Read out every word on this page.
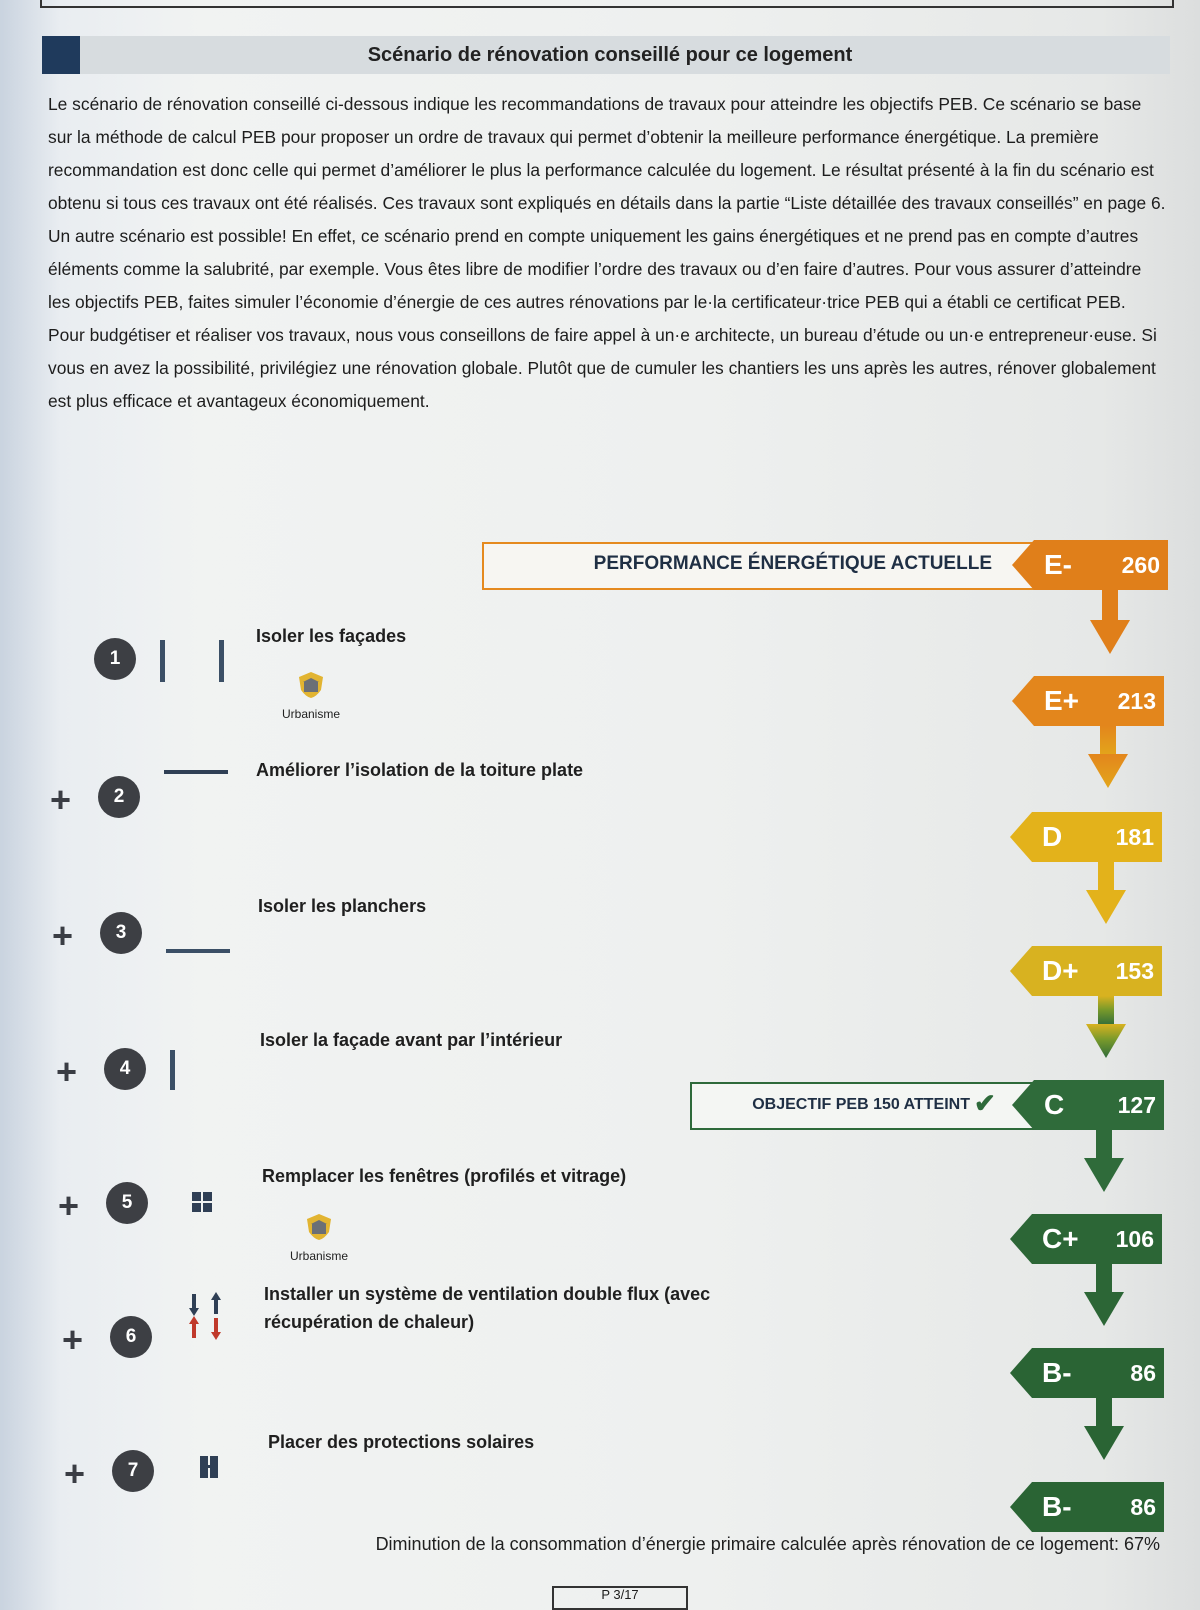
Scénario de rénovation conseillé pour ce logement

Le scénario de rénovation conseillé ci-dessous indique les recommandations de travaux pour atteindre les objectifs PEB. Ce scénario se base sur la méthode de calcul PEB pour proposer un ordre de travaux qui permet d’obtenir la meilleure performance énergétique. La première recommandation est donc celle qui permet d’améliorer le plus la performance calculée du logement. Le résultat présenté à la fin du scénario est obtenu si tous ces travaux ont été réalisés. Ces travaux sont expliqués en détails dans la partie “Liste détaillée des travaux conseillés” en page 6.

Un autre scénario est possible! En effet, ce scénario prend en compte uniquement les gains énergétiques et ne prend pas en compte d’autres éléments comme la salubrité, par exemple. Vous êtes libre de modifier l’ordre des travaux ou d’en faire d’autres. Pour vous assurer d’atteindre les objectifs PEB, faites simuler l’économie d’énergie de ces autres rénovations par le·la certificateur·trice PEB qui a établi ce certificat PEB.

Pour budgétiser et réaliser vos travaux, nous vous conseillons de faire appel à un·e architecte, un bureau d’étude ou un·e entrepreneur·euse. Si vous en avez la possibilité, privilégiez une rénovation globale. Plutôt que de cumuler les chantiers les uns après les autres, rénover globalement est plus efficace et avantageux économiquement.

PERFORMANCE ÉNERGÉTIQUE ACTUELLE
OBJECTIF PEB 150 ATTEINT ✔
E- 260
E+ 213
D 181
D+ 153
C 127
C+ 106
B-	86
B-	86
1
Isoler les façades
Urbanisme
+	2
Améliorer l’isolation de la toiture plate
+	3
Isoler les planchers
+	4
Isoler la façade avant par l’intérieur
+	5
Remplacer les fenêtres (profilés et vitrage)
Urbanisme
+	6
Installer un système de ventilation double flux (avec récupération de chaleur)
+	7
Placer des protections solaires
Diminution de la consommation d’énergie primaire calculée après rénovation de ce logement: 67%
P 3/17
